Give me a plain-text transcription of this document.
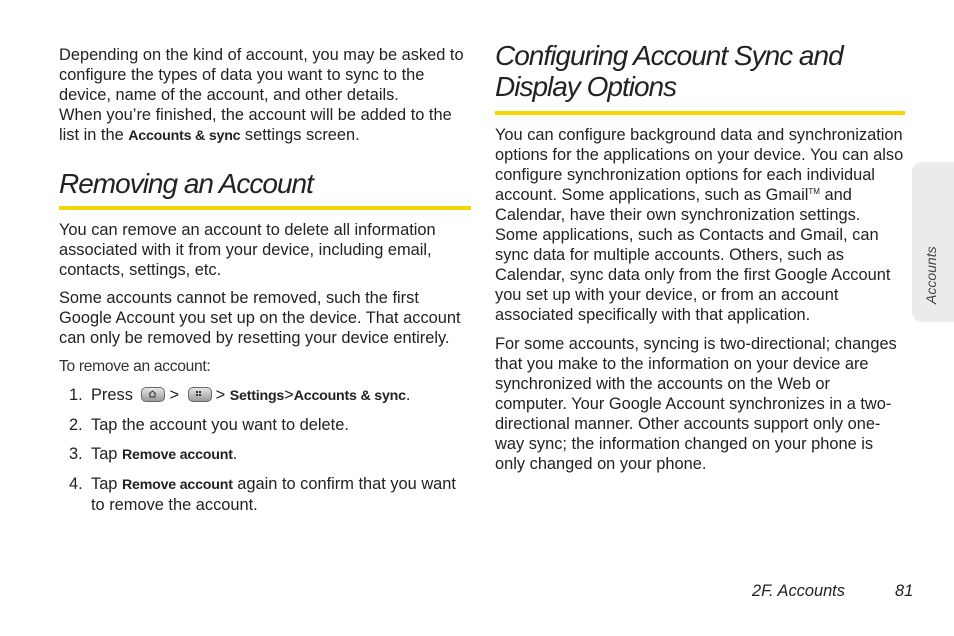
Depending on the kind of account, you may be asked to configure the types of data you want to sync to the device, name of the account, and other details.

When you’re finished, the account will be added to the list in the Accounts & sync settings screen.

Removing an Account

You can remove an account to delete all information associated with it from your device, including email, contacts, settings, etc.

Some accounts cannot be removed, such the first Google Account you set up on the device. That account can only be removed by resetting your device entirely.

To remove an account:

1. Press > > Settings>Accounts & sync.
2. Tap the account you want to delete.
3. Tap Remove account.
4. Tap Remove account again to confirm that you want to remove the account.
Configuring Account Sync and Display Options

You can configure background data and synchronization options for the applications on your device. You can also configure synchronization options for each individual account. Some applications, such as Gmail™ and Calendar, have their own synchronization settings.

Some applications, such as Contacts and Gmail, can sync data for multiple accounts. Others, such as Calendar, sync data only from the first Google Account you set up with your device, or from an account associated specifically with that application.

For some accounts, syncing is two-directional; changes that you make to the information on your device are synchronized with the accounts on the Web or computer. Your Google Account synchronizes in a two-directional manner. Other accounts support only one-way sync; the information changed on your phone is only changed on your phone.

Accounts
2F. Accounts	81
